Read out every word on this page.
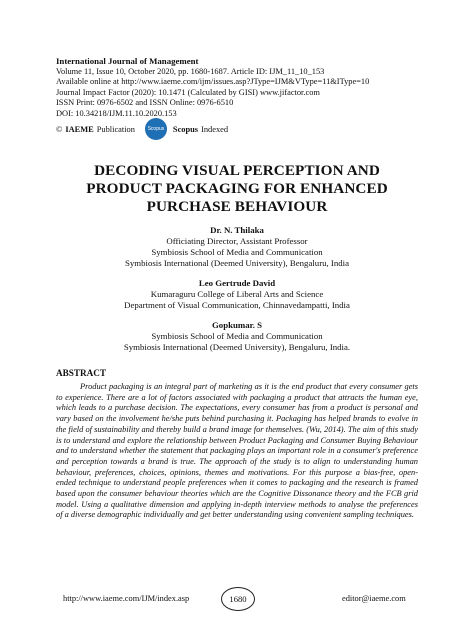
International Journal of Management
Volume 11, Issue 10, October 2020, pp. 1680-1687. Article ID: IJM_11_10_153
Available online at http://www.iaeme.com/ijm/issues.asp?JType=IJM&VType=11&IType=10
Journal Impact Factor (2020): 10.1471 (Calculated by GISI) www.jifactor.com
ISSN Print: 0976-6502 and ISSN Online: 0976-6510
DOI: 10.34218/IJM.11.10.2020.153
© IAEME Publication	Scopus	Scopus Indexed
DECODING VISUAL PERCEPTION AND
PRODUCT PACKAGING FOR ENHANCED
PURCHASE BEHAVIOUR
Dr. N. Thilaka
Officiating Director, Assistant Professor
Symbiosis School of Media and Communication
Symbiosis International (Deemed University), Bengaluru, India
Leo Gertrude David
Kumaraguru College of Liberal Arts and Science
Department of Visual Communication, Chinnavedampatti, India
Gopkumar. S
Symbiosis School of Media and Communication
Symbiosis International (Deemed University), Bengaluru, India.
ABSTRACT
Product packaging is an integral part of marketing as it is the end product that every consumer gets to experience. There are a lot of factors associated with packaging a product that attracts the human eye, which leads to a purchase decision. The expectations, every consumer has from a product is personal and vary based on the involvement he/she puts behind purchasing it. Packaging has helped brands to evolve in the field of sustainability and thereby build a brand image for themselves. (Wu, 2014). The aim of this study is to understand and explore the relationship between Product Packaging and Consumer Buying Behaviour and to understand whether the statement that packaging plays an important role in a consumer's preference and perception towards a brand is true. The approach of the study is to align to understanding human behaviour, preferences, choices, opinions, themes and motivations. For this purpose a bias-free, open-ended technique to understand people preferences when it comes to packaging and the research is framed based upon the consumer behaviour theories which are the Cognitive Dissonance theory and the FCB grid model. Using a qualitative dimension and applying in-depth interview methods to analyse the preferences of a diverse demographic individually and get better understanding using convenient sampling techniques.
http://www.iaeme.com/IJM/index.asp	1680	editor@iaeme.com
